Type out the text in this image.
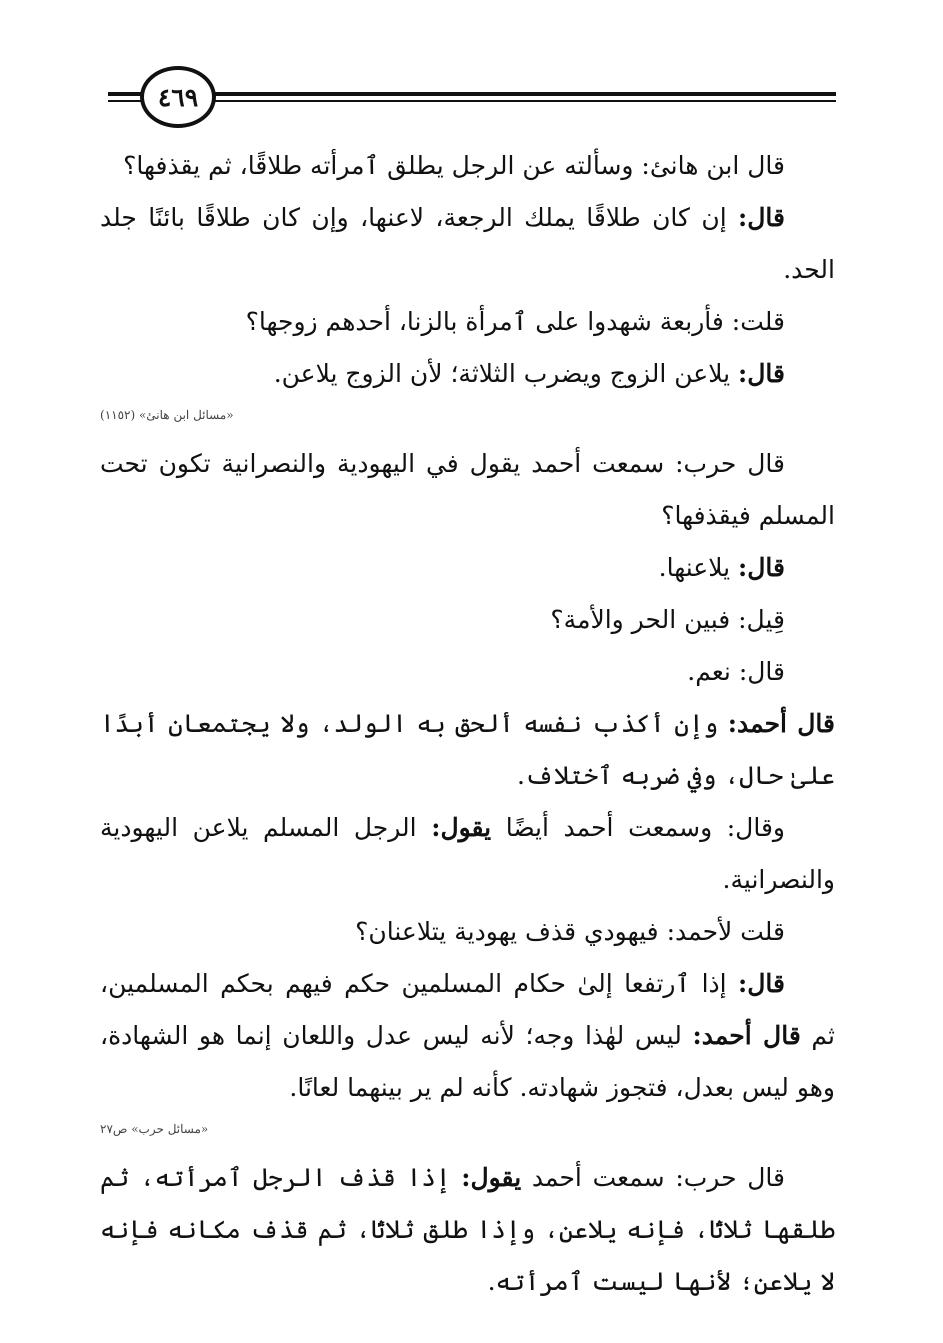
٤٦٩

قال ابن هانئ: وسألته عن الرجل يطلق ٱمرأته طلاقًا، ثم يقذفها؟

قال: إن كان طلاقًا يملك الرجعة، لاعنها، وإن كان طلاقًا بائنًا جلد الحد.

قلت: فأربعة شهدوا على ٱمرأة بالزنا، أحدهم زوجها؟

قال: يلاعن الزوج ويضرب الثلاثة؛ لأن الزوج يلاعن.

«مسائل ابن هانئ» (١١٥٢)

قال حرب: سمعت أحمد يقول في اليهودية والنصرانية تكون تحت المسلم فيقذفها؟

قال: يلاعنها.

قِيل: فبين الحر والأمة؟

قال: نعم.

قال أحمد: وإن أكذب نفسه ألحق به الولد، ولا يجتمعان أبدًا علىٰ حال، وفي ضربه ٱختلاف.

وقال: وسمعت أحمد أيضًا يقول: الرجل المسلم يلاعن اليهودية والنصرانية.

قلت لأحمد: فيهودي قذف يهودية يتلاعنان؟

قال: إذا ٱرتفعا إلىٰ حكام المسلمين حكم فيهم بحكم المسلمين، ثم قال أحمد: ليس لهٰذا وجه؛ لأنه ليس عدل واللعان إنما هو الشهادة، وهو ليس بعدل، فتجوز شهادته. كأنه لم ير بينهما لعانًا.

«مسائل حرب» ص٢٧

قال حرب: سمعت أحمد يقول: إذا قذف الرجل ٱمرأته، ثم طلقها ثلاثًا، فإنه يلاعن، وإذا طلق ثلاثًا، ثم قذف مكانه فإنه لا يلاعن؛ لأنها ليست ٱمرأته.
